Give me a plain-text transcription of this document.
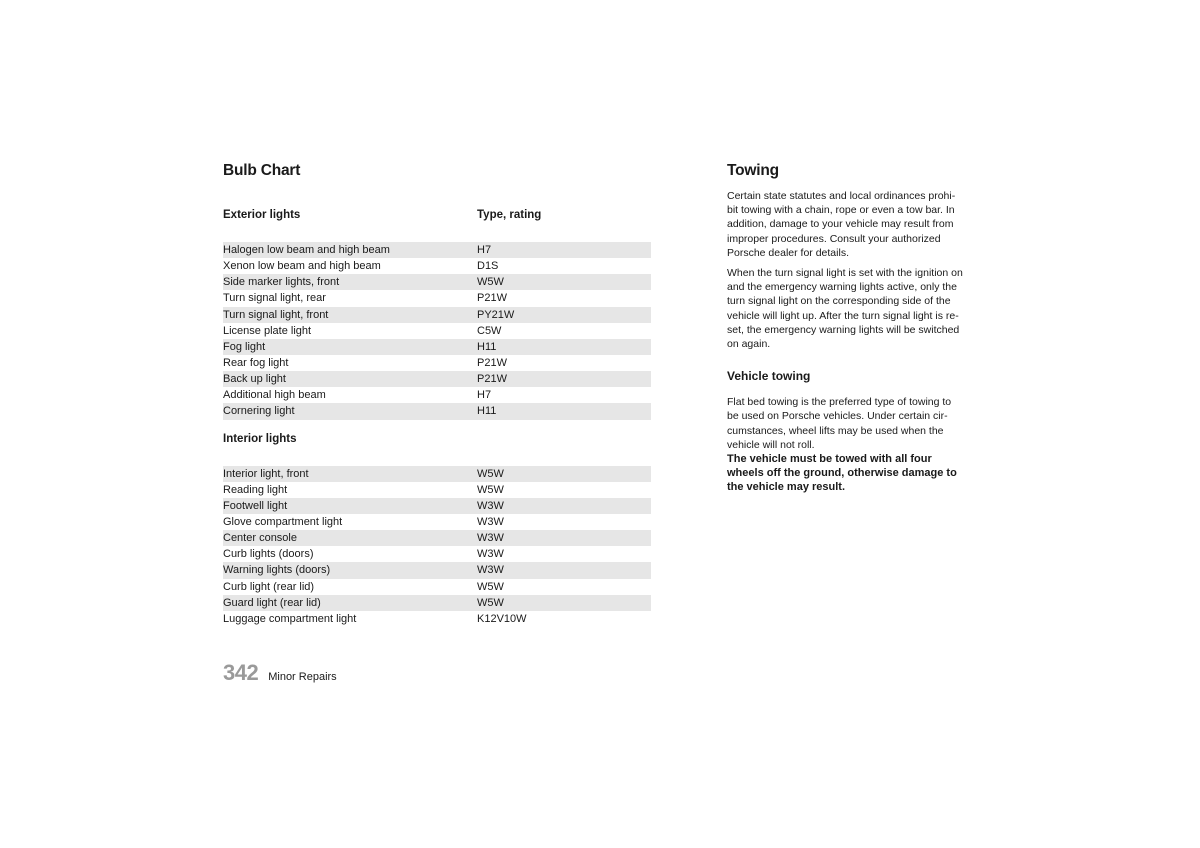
Bulb Chart
Exterior lights	Type, rating
Halogen low beam and high beam	H7
Xenon low beam and high beam	D1S
Side marker lights, front	W5W
Turn signal light, rear	P21W
Turn signal light, front	PY21W
License plate light	C5W
Fog light	H11
Rear fog light	P21W
Back up light	P21W
Additional high beam	H7
Cornering light	H11
Interior lights
Interior light, front	W5W
Reading light	W5W
Footwell light	W3W
Glove compartment light	W3W
Center console	W3W
Curb lights (doors)	W3W
Warning lights (doors)	W3W
Curb light (rear lid)	W5W
Guard light (rear lid)	W5W
Luggage compartment light	K12V10W
Towing

Certain state statutes and local ordinances prohi-
bit towing with a chain, rope or even a tow bar. In
addition, damage to your vehicle may result from
improper procedures. Consult your authorized
Porsche dealer for details.

When the turn signal light is set with the ignition on
and the emergency warning lights active, only the
turn signal light on the corresponding side of the
vehicle will light up. After the turn signal light is re-
set, the emergency warning lights will be switched
on again.

Vehicle towing

Flat bed towing is the preferred type of towing to
be used on Porsche vehicles. Under certain cir-
cumstances, wheel lifts may be used when the
vehicle will not roll.

The vehicle must be towed with all four
wheels off the ground, otherwise damage to
the vehicle may result.

342 Minor Repairs
